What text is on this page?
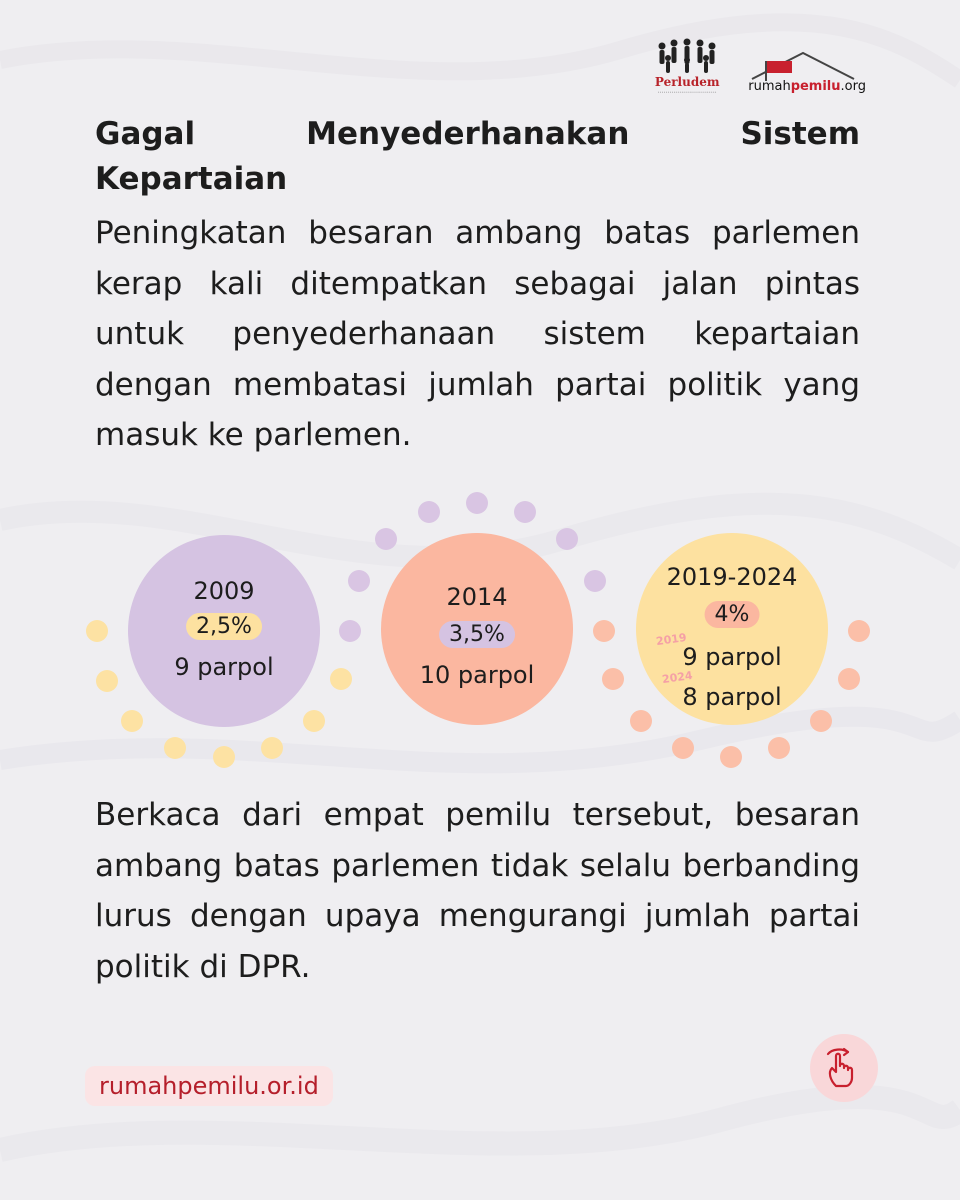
Perludem
•••••••••••••••••••••••••••••• rumahpemilu.org
Gagal Menyederhanakan Sistem Kepartaian

Peningkatan besaran ambang batas parlemen kerap kali ditempatkan sebagai jalan pintas untuk penyederhanaan sistem kepartaian dengan membatasi jumlah partai politik yang masuk ke parlemen.

2009
2,5%
9 parpol
2014
3,5%
10 parpol
2019-2024
4%
2019
9 parpol
2024
8 parpol

Berkaca dari empat pemilu tersebut, besaran ambang batas parlemen tidak selalu berbanding lurus dengan upaya mengurangi jumlah partai politik di DPR.

rumahpemilu.or.id
